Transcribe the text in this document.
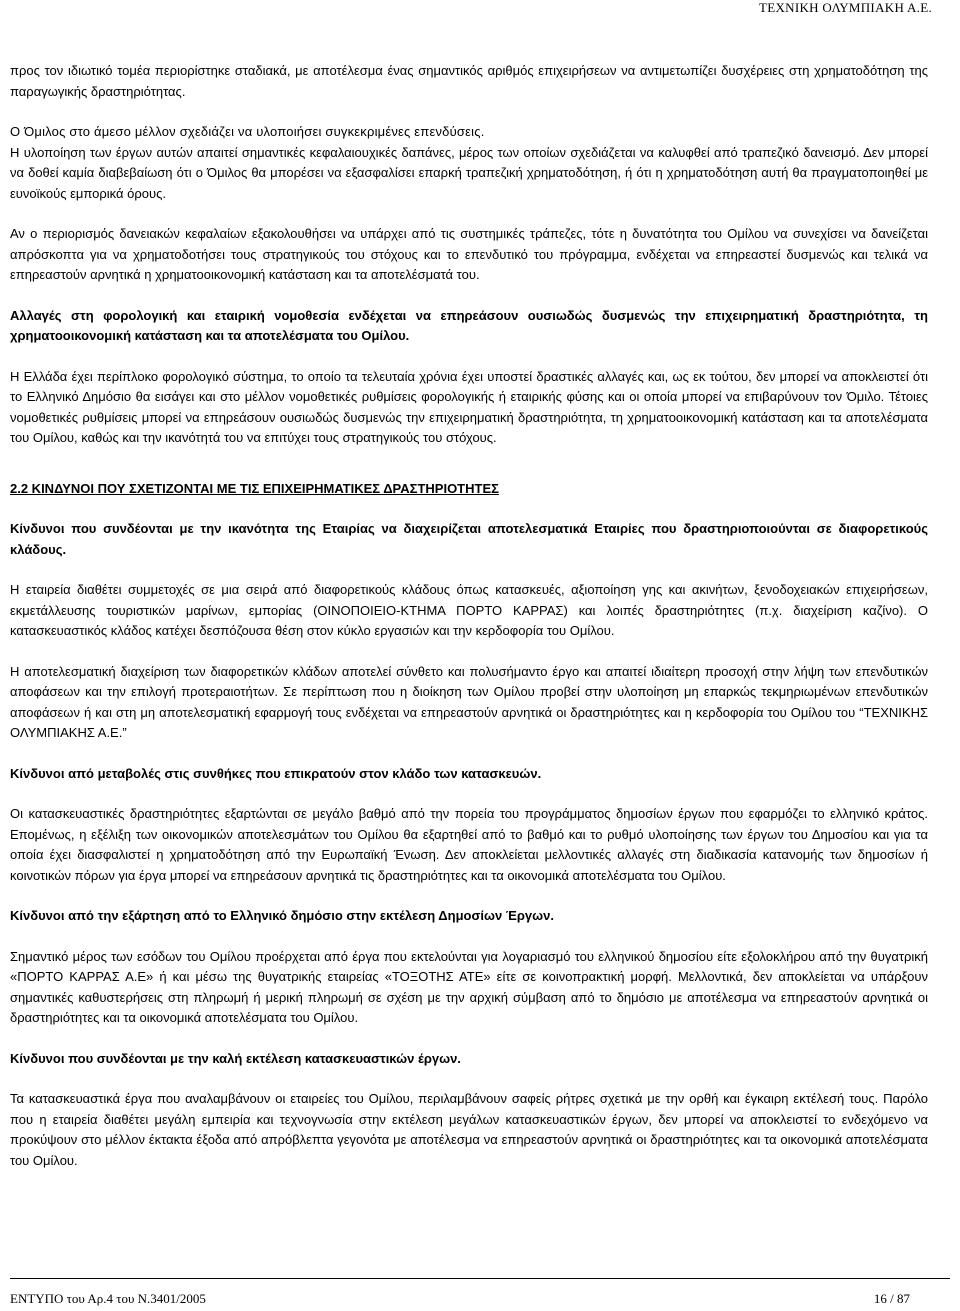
ΤΕΧΝΙΚΗ ΟΛΥΜΠΙΑΚΗ Α.Ε.

προς τον ιδιωτικό τομέα περιορίστηκε σταδιακά, με αποτέλεσμα ένας σημαντικός αριθμός επιχειρήσεων να αντιμετωπίζει δυσχέρειες στη χρηματοδότηση της παραγωγικής δραστηριότητας.

Ο Όμιλος στο άμεσο μέλλον σχεδιάζει να υλοποιήσει συγκεκριμένες επενδύσεις.

Η υλοποίηση των έργων αυτών απαιτεί σημαντικές κεφαλαιουχικές δαπάνες, μέρος των οποίων σχεδιάζεται να καλυφθεί από τραπεζικό δανεισμό. Δεν μπορεί να δοθεί καμία διαβεβαίωση ότι ο Όμιλος θα μπορέσει να εξασφαλίσει επαρκή τραπεζική χρηματοδότηση, ή ότι η χρηματοδότηση αυτή θα πραγματοποιηθεί με ευνοϊκούς εμπορικά όρους.

Αν ο περιορισμός δανειακών κεφαλαίων εξακολουθήσει να υπάρχει από τις συστημικές τράπεζες, τότε η δυνατότητα του Ομίλου να συνεχίσει να δανείζεται απρόσκοπτα για να χρηματοδοτήσει τους στρατηγικούς του στόχους και το επενδυτικό του πρόγραμμα, ενδέχεται να επηρεαστεί δυσμενώς και τελικά να επηρεαστούν αρνητικά η χρηματοοικονομική κατάσταση και τα αποτελέσματά του.

Αλλαγές στη φορολογική και εταιρική νομοθεσία ενδέχεται να επηρεάσουν ουσιωδώς δυσμενώς την επιχειρηματική δραστηριότητα, τη χρηματοοικονομική κατάσταση και τα αποτελέσματα του Ομίλου.

Η Ελλάδα έχει περίπλοκο φορολογικό σύστημα, το οποίο τα τελευταία χρόνια έχει υποστεί δραστικές αλλαγές και, ως εκ τούτου, δεν μπορεί να αποκλειστεί ότι το Ελληνικό Δημόσιο θα εισάγει και στο μέλλον νομοθετικές ρυθμίσεις φορολογικής ή εταιρικής φύσης και οι οποία μπορεί να επιβαρύνουν τον Όμιλο. Τέτοιες νομοθετικές ρυθμίσεις μπορεί να επηρεάσουν ουσιωδώς δυσμενώς την επιχειρηματική δραστηριότητα, τη χρηματοοικονομική κατάσταση και τα αποτελέσματα του Ομίλου, καθώς και την ικανότητά του να επιτύχει τους στρατηγικούς του στόχους.

2.2 ΚΙΝΔΥΝΟΙ ΠΟΥ ΣΧΕΤΙΖΟΝΤΑΙ ΜΕ ΤΙΣ ΕΠΙΧΕΙΡΗΜΑΤΙΚΕΣ ΔΡΑΣΤΗΡΙΟΤΗΤΕΣ

Κίνδυνοι που συνδέονται με την ικανότητα της Εταιρίας να διαχειρίζεται αποτελεσματικά Εταιρίες που δραστηριοποιούνται σε διαφορετικούς κλάδους.

Η εταιρεία διαθέτει συμμετοχές σε μια σειρά από διαφορετικούς κλάδους όπως κατασκευές, αξιοποίηση γης και ακινήτων, ξενοδοχειακών επιχειρήσεων, εκμετάλλευσης τουριστικών μαρίνων, εμπορίας (ΟΙΝΟΠΟΙΕΙΟ-ΚΤΗΜΑ ΠΟΡΤΟ ΚΑΡΡΑΣ) και λοιπές δραστηριότητες (π.χ. διαχείριση καζίνο). Ο κατασκευαστικός κλάδος κατέχει δεσπόζουσα θέση στον κύκλο εργασιών και την κερδοφορία του Ομίλου.

Η αποτελεσματική διαχείριση των διαφορετικών κλάδων αποτελεί σύνθετο και πολυσήμαντο έργο και απαιτεί ιδιαίτερη προσοχή στην λήψη των επενδυτικών αποφάσεων και την επιλογή προτεραιοτήτων. Σε περίπτωση που η διοίκηση των Ομίλου προβεί στην υλοποίηση μη επαρκώς τεκμηριωμένων επενδυτικών αποφάσεων ή και στη μη αποτελεσματική εφαρμογή τους ενδέχεται να επηρεαστούν αρνητικά οι δραστηριότητες και η κερδοφορία του Ομίλου του “ΤΕΧΝΙΚΗΣ ΟΛΥΜΠΙΑΚΗΣ Α.Ε.”

Κίνδυνοι από μεταβολές στις συνθήκες που επικρατούν στον κλάδο των κατασκευών.

Οι κατασκευαστικές δραστηριότητες εξαρτώνται σε μεγάλο βαθμό από την πορεία του προγράμματος δημοσίων έργων που εφαρμόζει το ελληνικό κράτος. Επομένως, η εξέλιξη των οικονομικών αποτελεσμάτων του Ομίλου θα εξαρτηθεί από το βαθμό και το ρυθμό υλοποίησης των έργων του Δημοσίου και για τα οποία έχει διασφαλιστεί η χρηματοδότηση από την Ευρωπαϊκή Ένωση. Δεν αποκλείεται μελλοντικές αλλαγές στη διαδικασία κατανομής των δημοσίων ή κοινοτικών πόρων για έργα μπορεί να επηρεάσουν αρνητικά τις δραστηριότητες και τα οικονομικά αποτελέσματα του Ομίλου.

Κίνδυνοι από την εξάρτηση από το Ελληνικό δημόσιο στην εκτέλεση Δημοσίων Έργων.

Σημαντικό μέρος των εσόδων του Ομίλου προέρχεται από έργα που εκτελούνται για λογαριασμό του ελληνικού δημοσίου είτε εξολοκλήρου από την θυγατρική «ΠΟΡΤΟ ΚΑΡΡΑΣ Α.Ε» ή και μέσω της θυγατρικής εταιρείας «ΤΟΞΟΤΗΣ ΑΤΕ» είτε σε κοινοπρακτική μορφή. Μελλοντικά, δεν αποκλείεται να υπάρξουν σημαντικές καθυστερήσεις στη πληρωμή ή μερική πληρωμή σε σχέση με την αρχική σύμβαση από το δημόσιο με αποτέλεσμα να επηρεαστούν αρνητικά οι δραστηριότητες και τα οικονομικά αποτελέσματα του Ομίλου.

Κίνδυνοι που συνδέονται με την καλή εκτέλεση κατασκευαστικών έργων.

Τα κατασκευαστικά έργα που αναλαμβάνουν οι εταιρείες του Ομίλου, περιλαμβάνουν σαφείς ρήτρες σχετικά με την ορθή και έγκαιρη εκτέλεσή τους. Παρόλο που η εταιρεία διαθέτει μεγάλη εμπειρία και τεχνογνωσία στην εκτέλεση μεγάλων κατασκευαστικών έργων, δεν μπορεί να αποκλειστεί το ενδεχόμενο να προκύψουν στο μέλλον έκτακτα έξοδα από απρόβλεπτα γεγονότα με αποτέλεσμα να επηρεαστούν αρνητικά οι δραστηριότητες και τα οικονομικά αποτελέσματα του Ομίλου.

ΕΝΤΥΠΟ του Αρ.4 του Ν.3401/2005	16 / 87
